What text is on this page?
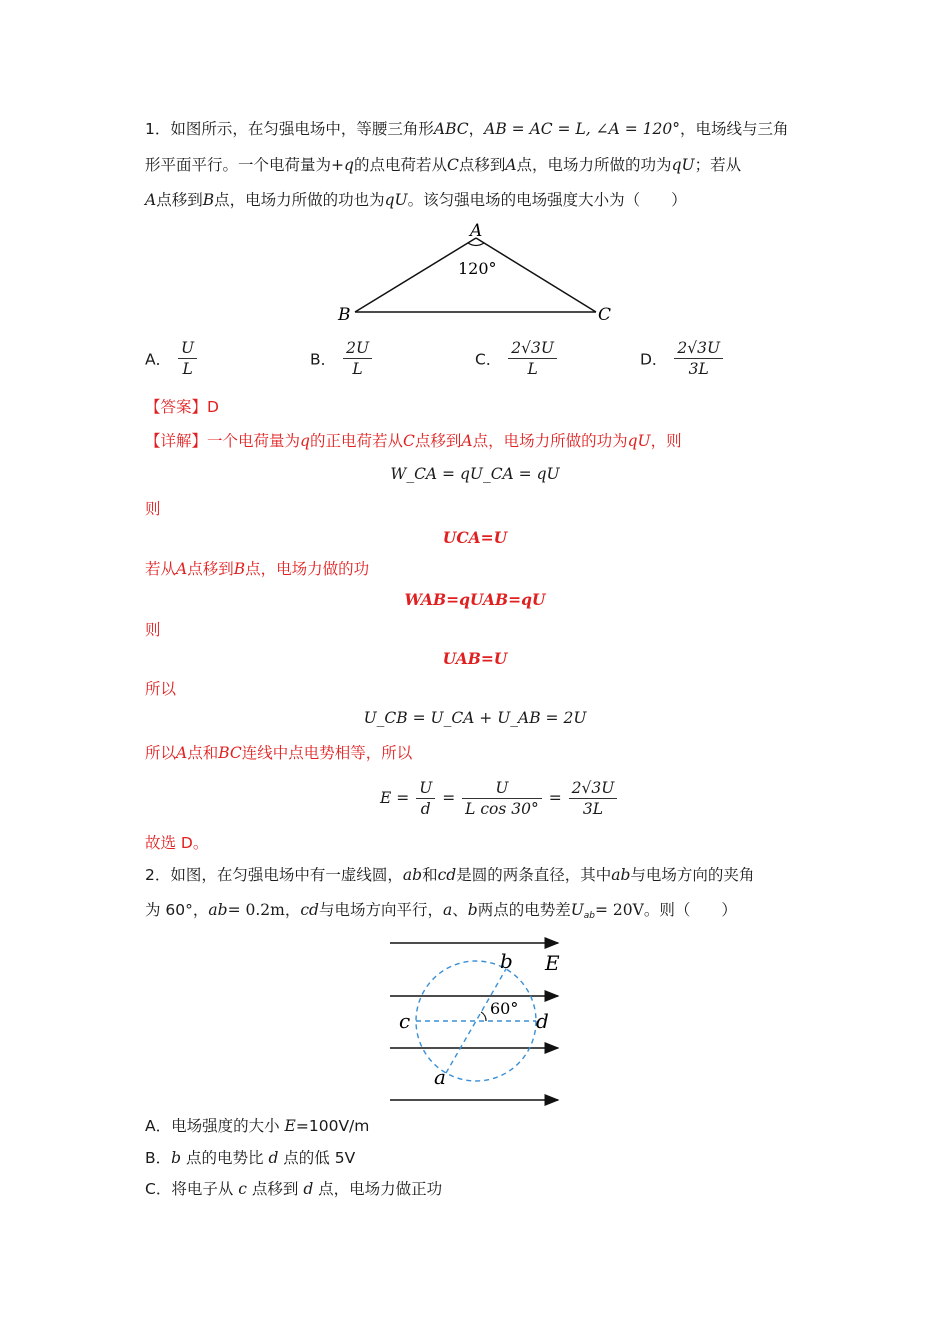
1．如图所示，在匀强电场中，等腰三角形ABC，AB = AC = L, ∠A = 120°，电场线与三角
形平面平行。一个电荷量为+q的点电荷若从C点移到A点，电场力所做的功为qU；若从
A点移到B点，电场力所做的功也为qU。该匀强电场的电场强度大小为（　　）
A
B	C
120°
A． $\frac{U}{L}$	B． $\frac{2U}{L}$	C． $\frac{2√3U}{L}$	D． $\frac{2√3U}{3L}$
【答案】D
【详解】一个电荷量为q的正电荷若从C点移到A点，电场力所做的功为qU，则
W_CA = qU_CA = qU
则
UCA=U
若从A点移到B点，电场力做的功
WAB=qUAB=qU
则
UAB=U
所以
U_CB = U_CA + U_AB = 2U
所以A点和BC连线中点电势相等，所以
$E = \frac{U}{d} = \frac{U}{\text{L cos 30°}} = \frac{2√3U}{3L}$
故选 D。
2．如图，在匀强电场中有一虚线圆，ab和cd是圆的两条直径，其中ab与电场方向的夹角
为 60°，ab= 0.2m，cd与电场方向平行，a、b两点的电势差$U_{ab}= 20V$。则（　　）
b E
60°
c	d
a
A．电场强度的大小 E=100V/m
B．b 点的电势比 d 点的低 5V
C．将电子从 c 点移到 d 点，电场力做正功
